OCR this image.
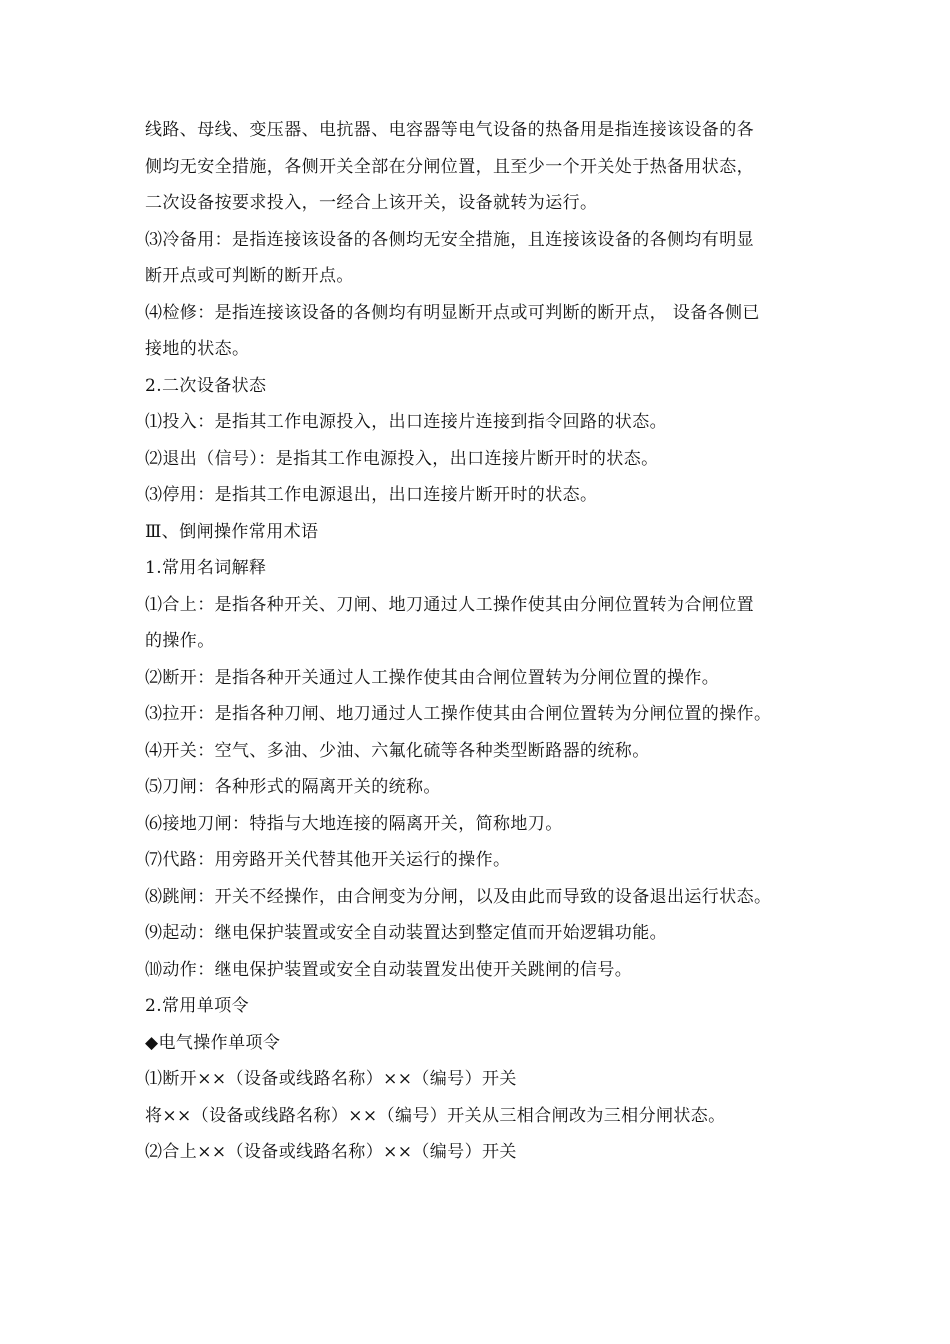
线路、母线、变压器、电抗器、电容器等电气设备的热备用是指连接该设备的各

侧均无安全措施，各侧开关全部在分闸位置，且至少一个开关处于热备用状态，

二次设备按要求投入，一经合上该开关，设备就转为运行。

⑶冷备用：是指连接该设备的各侧均无安全措施，且连接该设备的各侧均有明显

断开点或可判断的断开点。

⑷检修：是指连接该设备的各侧均有明显断开点或可判断的断开点， 设备各侧已

接地的状态。

2.二次设备状态

⑴投入：是指其工作电源投入，出口连接片连接到指令回路的状态。

⑵退出（信号）：是指其工作电源投入，出口连接片断开时的状态。

⑶停用：是指其工作电源退出，出口连接片断开时的状态。

Ⅲ、倒闸操作常用术语

1.常用名词解释

⑴合上：是指各种开关、刀闸、地刀通过人工操作使其由分闸位置转为合闸位置

的操作。

⑵断开：是指各种开关通过人工操作使其由合闸位置转为分闸位置的操作。

⑶拉开：是指各种刀闸、地刀通过人工操作使其由合闸位置转为分闸位置的操作。

⑷开关：空气、多油、少油、六氟化硫等各种类型断路器的统称。

⑸刀闸：各种形式的隔离开关的统称。

⑹接地刀闸：特指与大地连接的隔离开关，简称地刀。

⑺代路：用旁路开关代替其他开关运行的操作。

⑻跳闸：开关不经操作，由合闸变为分闸，以及由此而导致的设备退出运行状态。

⑼起动：继电保护装置或安全自动装置达到整定值而开始逻辑功能。

⑽动作：继电保护装置或安全自动装置发出使开关跳闸的信号。

2.常用单项令

◆电气操作单项令

⑴断开××（设备或线路名称）××（编号）开关

将××（设备或线路名称）××（编号）开关从三相合闸改为三相分闸状态。

⑵合上××（设备或线路名称）××（编号）开关
